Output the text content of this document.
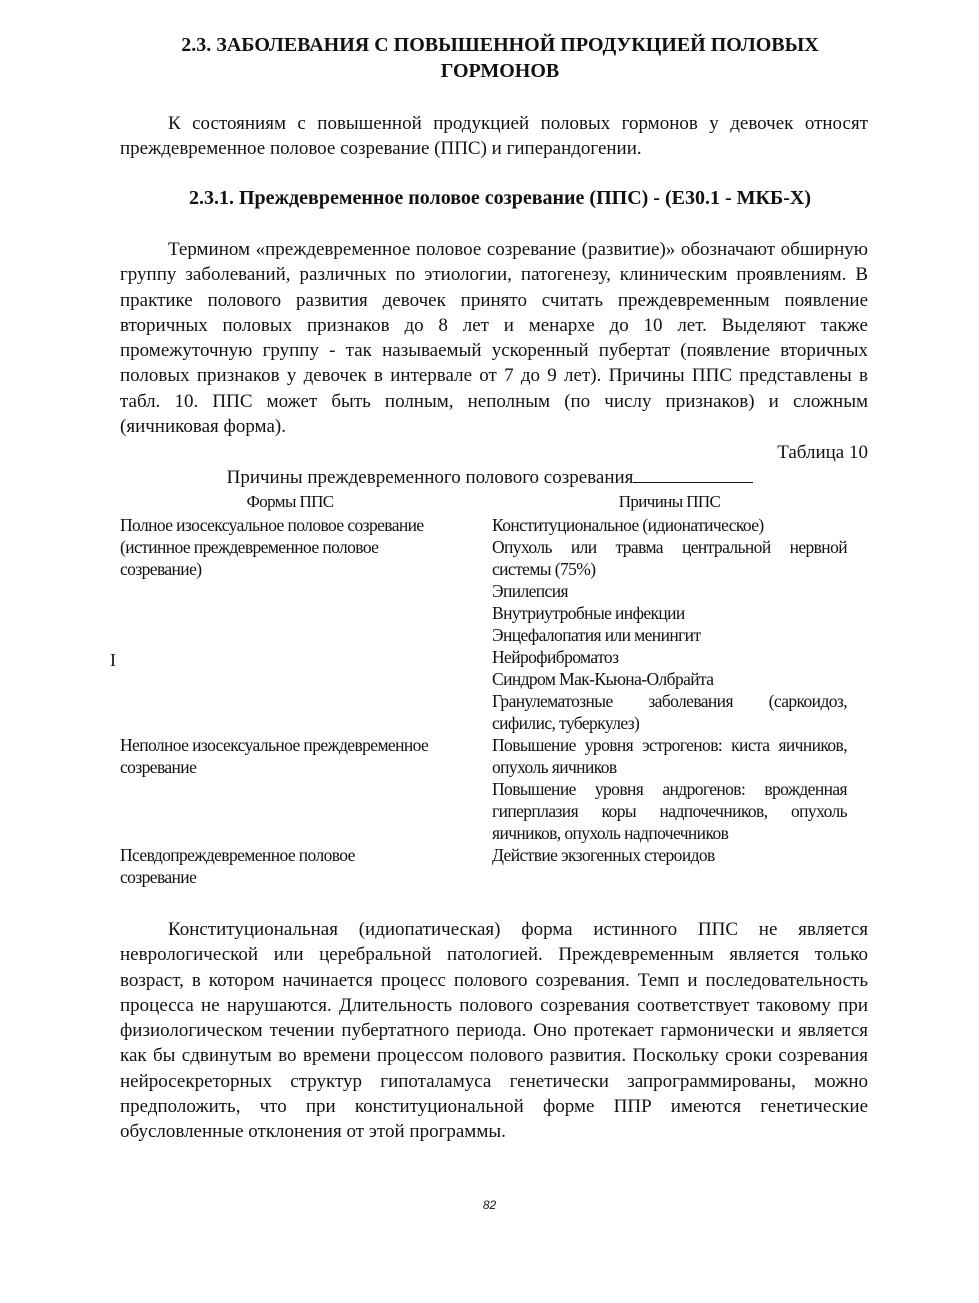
2.3. ЗАБОЛЕВАНИЯ С ПОВЫШЕННОЙ ПРОДУКЦИЕЙ ПОЛОВЫХ
ГОРМОНОВ

К состояниям с повышенной продукцией половых гормонов у девочек относят преждевременное половое созревание (ППС) и гиперандогении.

2.3.1. Преждевременное половое созревание (ППС) - (Е30.1 - МКБ-X)

Термином «преждевременное половое созревание (развитие)» обозначают обширную группу заболеваний, различных по этиологии, патогенезу, клиническим проявлениям. В практике полового развития девочек принято считать преждевременным появление вторичных половых признаков до 8 лет и менархе до 10 лет. Выделяют также промежуточную группу - так называемый ускоренный пубертат (появление вторичных половых признаков у девочек в интервале от 7 до 9 лет). Причины ППС представлены в табл. 10. ППС может быть полным, неполным (по числу признаков) и сложным (яичниковая форма).

Таблица 10
Причины преждевременного полового созревания
Формы ППС	Причины ППС
Полное изосексуальное половое созревание
(истинное преждевременное половое
созревание)
Конституциональное (идионатическое)
Опухоль или травма центральной нервной системы (75%)
Эпилепсия
Внутриутробные инфекции
Энцефалопатия или менингит
Нейрофиброматоз
Синдром Мак-Кьюна-Олбрайта
Гранулематозные заболевания (саркоидоз, сифилис, туберкулез)
I
Неполное изосексуальное преждевременное
созревание
Повышение уровня эстрогенов: киста яичников, опухоль яичников
Повышение уровня андрогенов: врожденная гиперплазия коры надпочечников, опухоль яичников, опухоль надпочечников
Псевдопреждевременное половое
созревание
Действие экзогенных стероидов

Конституциональная (идиопатическая) форма истинного ППС не является неврологической или церебральной патологией. Преждевременным является только возраст, в котором начинается процесс полового созревания. Темп и последовательность процесса не нарушаются. Длительность полового созревания соответствует таковому при физиологическом течении пубертатного периода. Оно протекает гармонически и является как бы сдвинутым во времени процессом полового развития. Поскольку сроки созревания нейросекреторных структур гипоталамуса генетически запрограммированы, можно предположить, что при конституциональной форме ППР имеются генетические обусловленные отклонения от этой программы.

82
